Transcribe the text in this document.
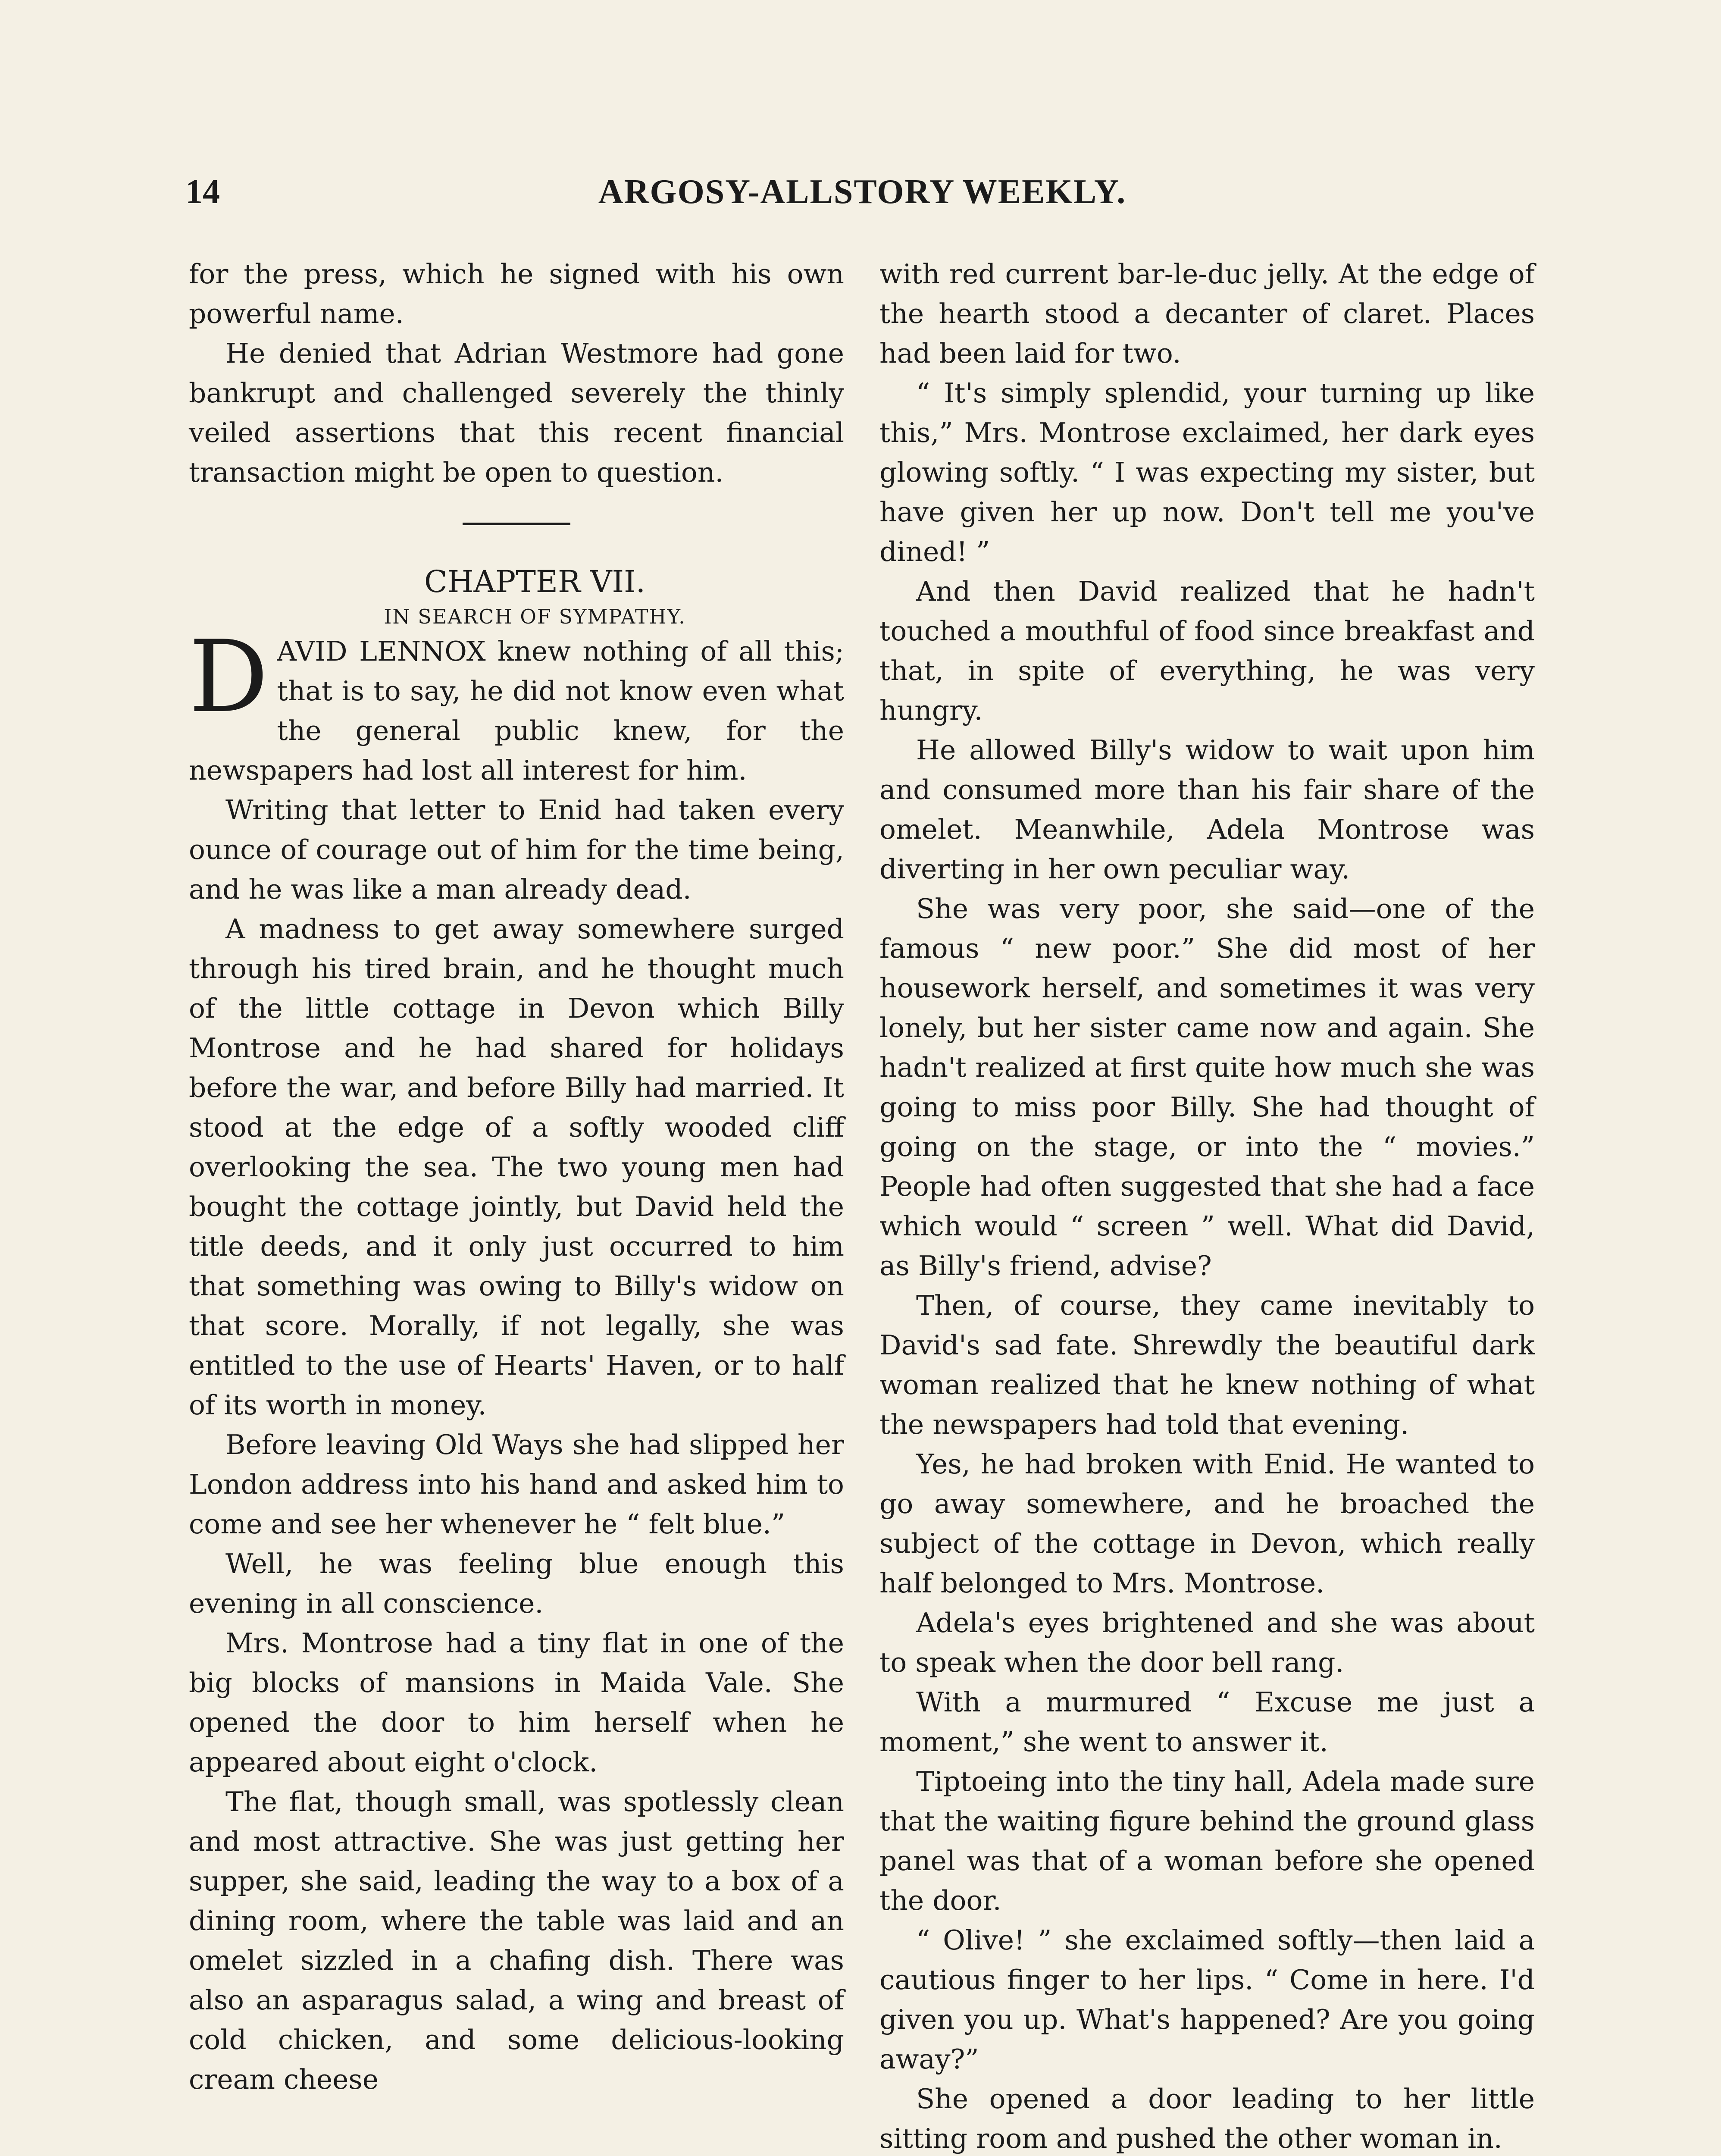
14	ARGOSY-ALLSTORY WEEKLY.

for the press, which he signed with his own powerful name.

He denied that Adrian Westmore had gone bankrupt and challenged severely the thinly veiled assertions that this recent financial transaction might be open to question.

CHAPTER VII.

IN SEARCH OF SYMPATHY.

DAVID LENNOX knew nothing of all this; that is to say, he did not know even what the general public knew, for the newspapers had lost all interest for him.

Writing that letter to Enid had taken every ounce of courage out of him for the time being, and he was like a man already dead.

A madness to get away somewhere surged through his tired brain, and he thought much of the little cottage in Devon which Billy Montrose and he had shared for holidays before the war, and before Billy had married. It stood at the edge of a softly wooded cliff overlooking the sea. The two young men had bought the cottage jointly, but David held the title deeds, and it only just occurred to him that something was owing to Billy's widow on that score. Morally, if not legally, she was entitled to the use of Hearts' Haven, or to half of its worth in money.

Before leaving Old Ways she had slipped her London address into his hand and asked him to come and see her whenever he “ felt blue.”

Well, he was feeling blue enough this evening in all conscience.

Mrs. Montrose had a tiny flat in one of the big blocks of mansions in Maida Vale. She opened the door to him herself when he appeared about eight o'clock.

The flat, though small, was spotlessly clean and most attractive. She was just getting her supper, she said, leading the way to a box of a dining room, where the table was laid and an omelet sizzled in a chafing dish. There was also an asparagus salad, a wing and breast of cold chicken, and some delicious-looking cream cheese

with red current bar-le-duc jelly. At the edge of the hearth stood a decanter of claret. Places had been laid for two.

“ It's simply splendid, your turning up like this,” Mrs. Montrose exclaimed, her dark eyes glowing softly. “ I was expecting my sister, but have given her up now. Don't tell me you've dined! ”

And then David realized that he hadn't touched a mouthful of food since breakfast and that, in spite of everything, he was very hungry.

He allowed Billy's widow to wait upon him and consumed more than his fair share of the omelet. Meanwhile, Adela Montrose was diverting in her own peculiar way.

She was very poor, she said—one of the famous “ new poor.” She did most of her housework herself, and sometimes it was very lonely, but her sister came now and again. She hadn't realized at first quite how much she was going to miss poor Billy. She had thought of going on the stage, or into the “ movies.” People had often suggested that she had a face which would “ screen ” well. What did David, as Billy's friend, advise?

Then, of course, they came inevitably to David's sad fate. Shrewdly the beautiful dark woman realized that he knew nothing of what the newspapers had told that evening.

Yes, he had broken with Enid. He wanted to go away somewhere, and he broached the subject of the cottage in Devon, which really half belonged to Mrs. Montrose.

Adela's eyes brightened and she was about to speak when the door bell rang.

With a murmured “ Excuse me just a moment,” she went to answer it.

Tiptoeing into the tiny hall, Adela made sure that the waiting figure behind the ground glass panel was that of a woman before she opened the door.

“ Olive! ” she exclaimed softly—then laid a cautious finger to her lips. “ Come in here. I'd given you up. What's happened? Are you going away?”

She opened a door leading to her little sitting room and pushed the other woman in.
